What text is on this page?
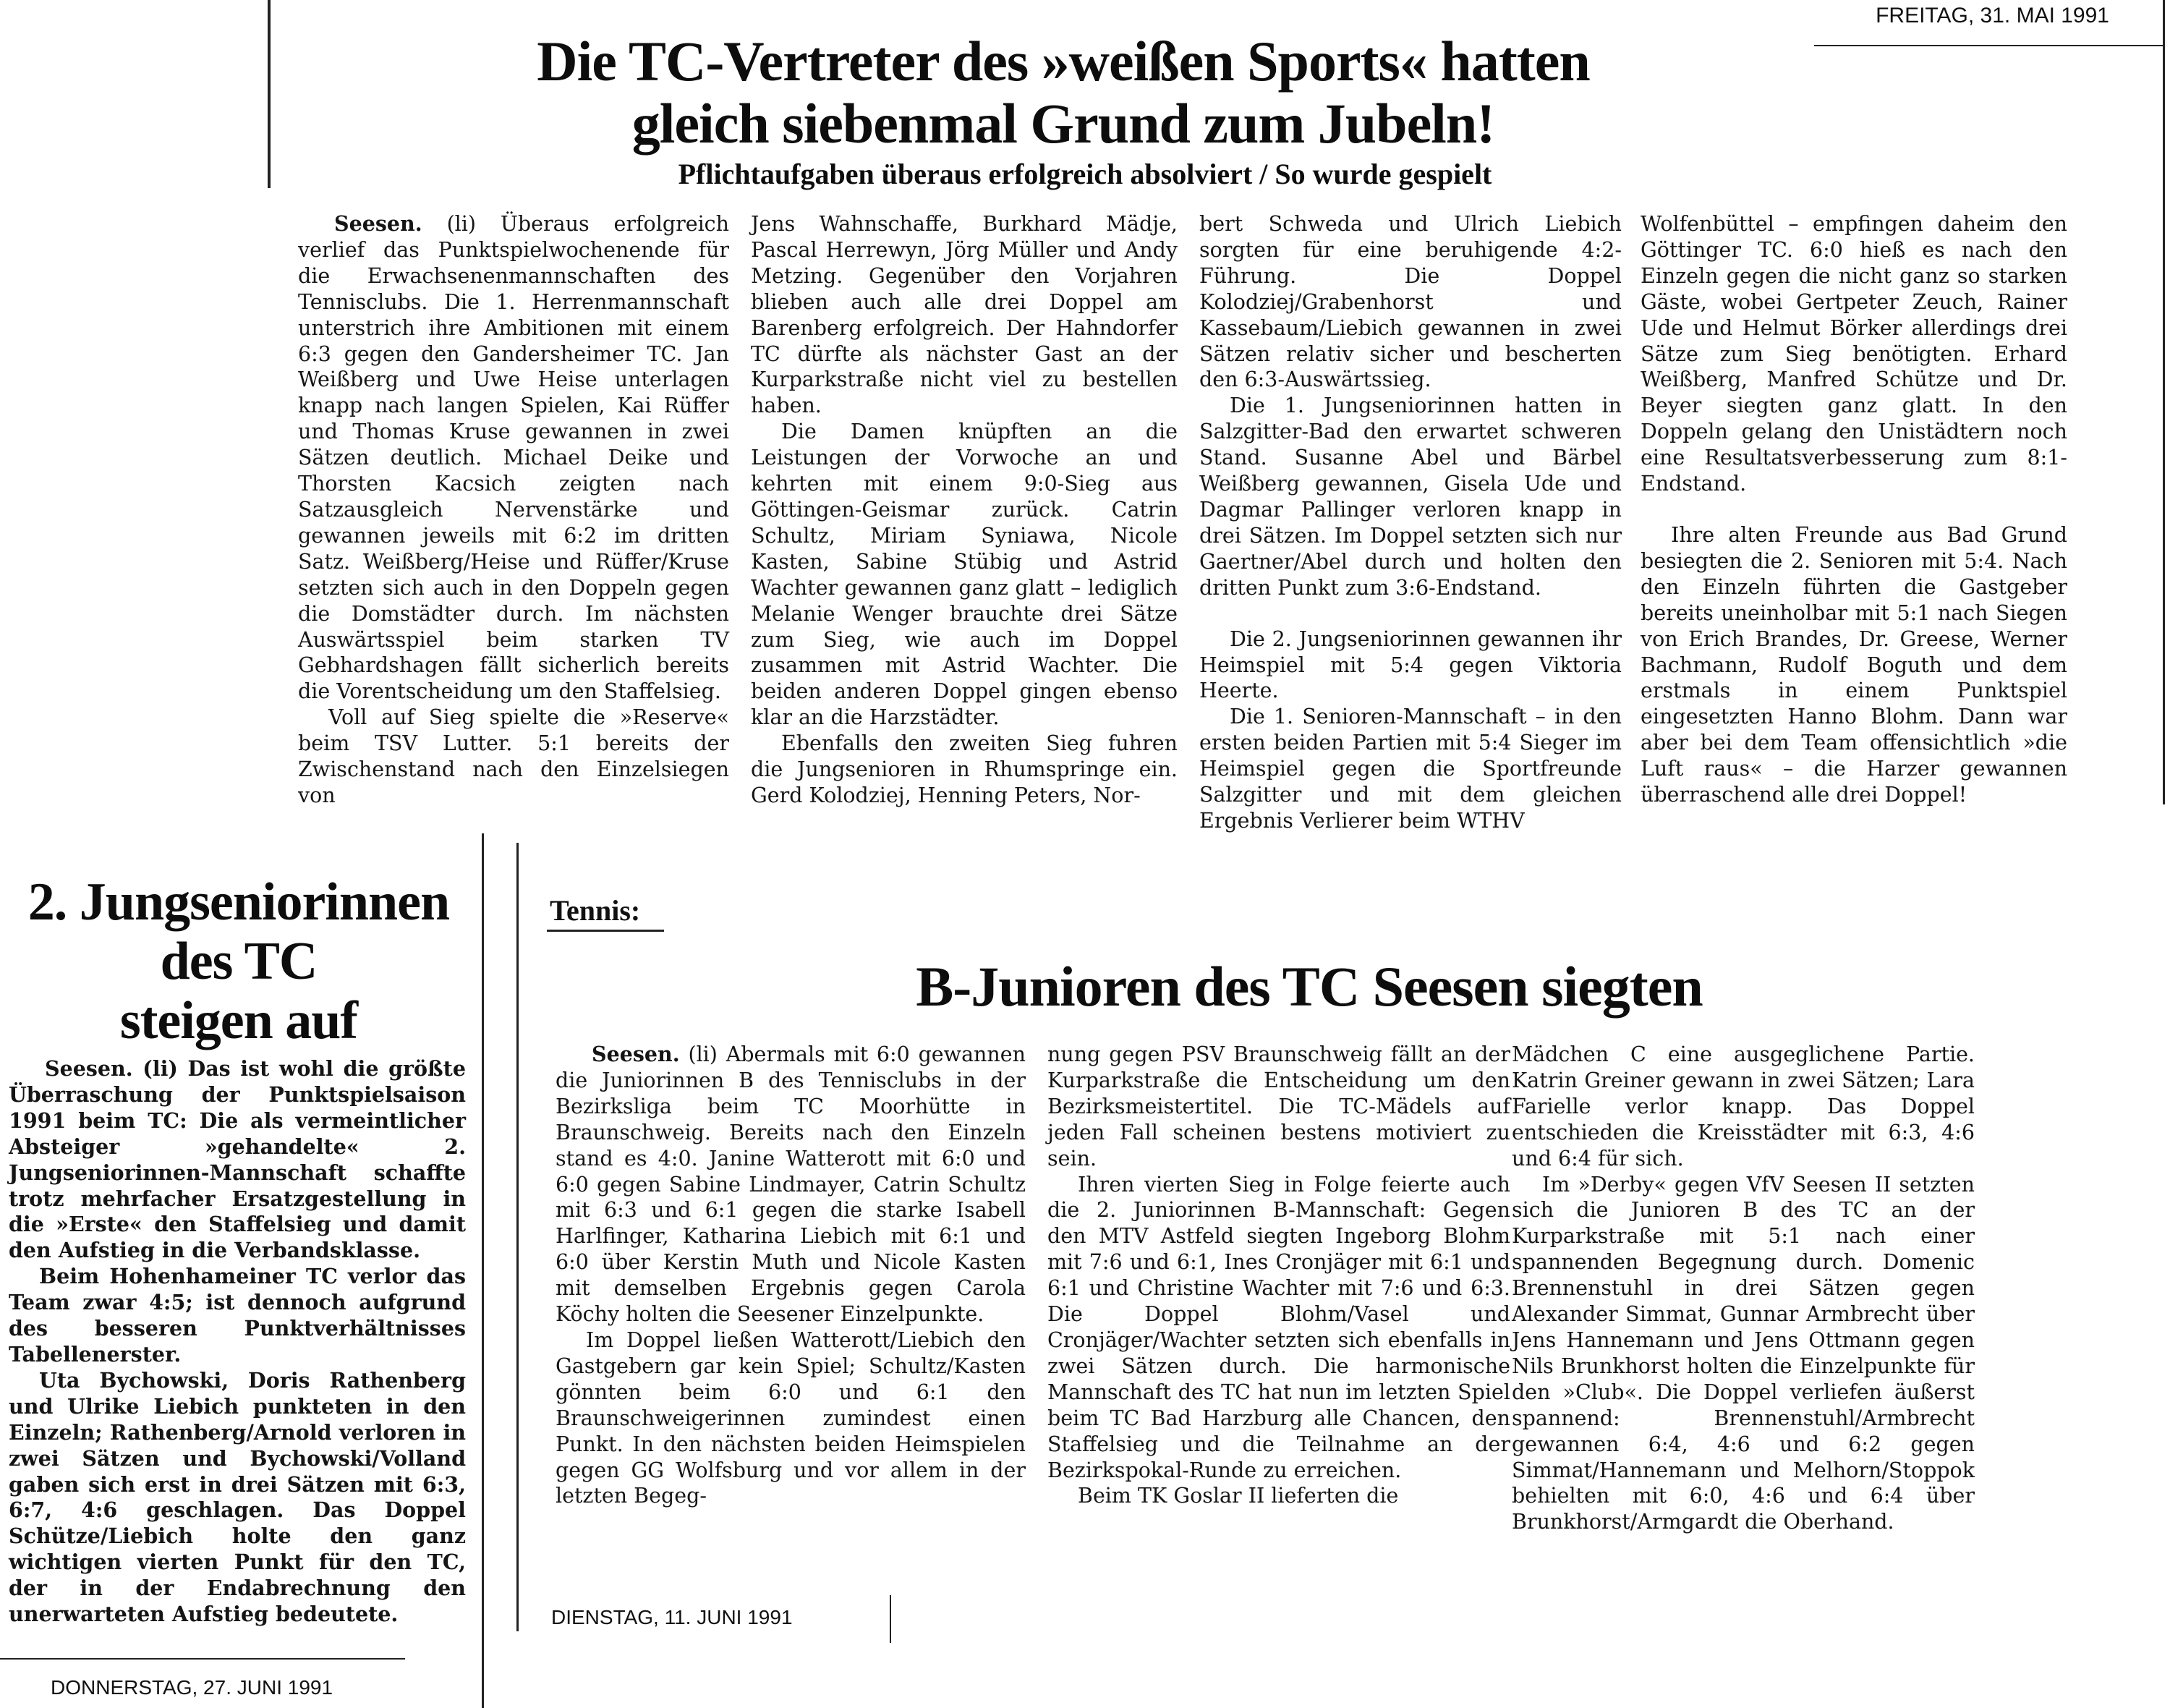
FREITAG, 31. MAI 1991
Die TC-Vertreter des »weißen Sports« hatten
gleich siebenmal Grund zum Jubeln!
Pflichtaufgaben überaus erfolgreich absolviert / So wurde gespielt

Seesen. (li) Überaus erfolgreich verlief das Punktspielwochenende für die Erwachsenenmannschaften des Tennisclubs. Die 1. Herrenmannschaft unterstrich ihre Ambitionen mit einem 6:3 gegen den Gandersheimer TC. Jan Weißberg und Uwe Heise unterlagen knapp nach langen Spielen, Kai Rüffer und Thomas Kruse gewannen in zwei Sätzen deutlich. Michael Deike und Thorsten Kacsich zeigten nach Satzausgleich Nervenstärke und gewannen jeweils mit 6:2 im dritten Satz. Weißberg/Heise und Rüffer/Kruse setzten sich auch in den Doppeln gegen die Domstädter durch. Im nächsten Auswärtsspiel beim starken TV Gebhardshagen fällt sicherlich bereits die Vorentscheidung um den Staffelsieg.

Voll auf Sieg spielte die »Reserve« beim TSV Lutter. 5:1 bereits der Zwischenstand nach den Einzelsiegen von

Jens Wahnschaffe, Burkhard Mädje, Pascal Herrewyn, Jörg Müller und Andy Metzing. Gegenüber den Vorjahren blieben auch alle drei Doppel am Barenberg erfolgreich. Der Hahndorfer TC dürfte als nächster Gast an der Kurparkstraße nicht viel zu bestellen haben.

Die Damen knüpften an die Leistungen der Vorwoche an und kehrten mit einem 9:0-Sieg aus Göttingen-Geismar zurück. Catrin Schultz, Miriam Syniawa, Nicole Kasten, Sabine Stübig und Astrid Wachter gewannen ganz glatt – lediglich Melanie Wenger brauchte drei Sätze zum Sieg, wie auch im Doppel zusammen mit Astrid Wachter. Die beiden anderen Doppel gingen ebenso klar an die Harzstädter.

Ebenfalls den zweiten Sieg fuhren die Jungsenioren in Rhumspringe ein. Gerd Kolodziej, Henning Peters, Nor-

bert Schweda und Ulrich Liebich sorgten für eine beruhigende 4:2-Führung. Die Doppel Kolodziej/Grabenhorst und Kassebaum/Liebich gewannen in zwei Sätzen relativ sicher und bescherten den 6:3-Auswärtssieg.

Die 1. Jungseniorinnen hatten in Salzgitter-Bad den erwartet schweren Stand. Susanne Abel und Bärbel Weißberg gewannen, Gisela Ude und Dagmar Pallinger verloren knapp in drei Sätzen. Im Doppel setzten sich nur Gaertner/Abel durch und holten den dritten Punkt zum 3:6-Endstand.

Die 2. Jungseniorinnen gewannen ihr Heimspiel mit 5:4 gegen Viktoria Heerte.

Die 1. Senioren-Mannschaft – in den ersten beiden Partien mit 5:4 Sieger im Heimspiel gegen die Sportfreunde Salzgitter und mit dem gleichen Ergebnis Verlierer beim WTHV

Wolfenbüttel – empfingen daheim den Göttinger TC. 6:0 hieß es nach den Einzeln gegen die nicht ganz so starken Gäste, wobei Gertpeter Zeuch, Rainer Ude und Helmut Börker allerdings drei Sätze zum Sieg benötigten. Erhard Weißberg, Manfred Schütze und Dr. Beyer siegten ganz glatt. In den Doppeln gelang den Unistädtern noch eine Resultatsverbesserung zum 8:1-Endstand.

Ihre alten Freunde aus Bad Grund besiegten die 2. Senioren mit 5:4. Nach den Einzeln führten die Gastgeber bereits uneinholbar mit 5:1 nach Siegen von Erich Brandes, Dr. Greese, Werner Bachmann, Rudolf Boguth und dem erstmals in einem Punktspiel eingesetzten Hanno Blohm. Dann war aber bei dem Team offensichtlich »die Luft raus« – die Harzer gewannen überraschend alle drei Doppel!

2. Jungseniorinnen
des TC
steigen auf

Seesen. (li) Das ist wohl die größte Überraschung der Punktspielsaison 1991 beim TC: Die als vermeintlicher Absteiger »gehandelte« 2. Jungseniorinnen-Mannschaft schaffte trotz mehrfacher Ersatzgestellung in die »Erste« den Staffelsieg und damit den Aufstieg in die Verbandsklasse.

Beim Hohenhameiner TC verlor das Team zwar 4:5; ist dennoch aufgrund des besseren Punktverhältnisses Tabellenerster.

Uta Bychowski, Doris Rathenberg und Ulrike Liebich punkteten in den Einzeln; Rathenberg/Arnold verloren in zwei Sätzen und Bychowski/Volland gaben sich erst in drei Sätzen mit 6:3, 6:7, 4:6 geschlagen. Das Doppel Schütze/Liebich holte den ganz wichtigen vierten Punkt für den TC, der in der Endabrechnung den unerwarteten Aufstieg bedeutete.

DONNERSTAG, 27. JUNI 1991
Tennis:
B-Junioren des TC Seesen siegten

Seesen. (li) Abermals mit 6:0 gewannen die Juniorinnen B des Tennisclubs in der Bezirksliga beim TC Moorhütte in Braunschweig. Bereits nach den Einzeln stand es 4:0. Janine Watterott mit 6:0 und 6:0 gegen Sabine Lindmayer, Catrin Schultz mit 6:3 und 6:1 gegen die starke Isabell Harlfinger, Katharina Liebich mit 6:1 und 6:0 über Kerstin Muth und Nicole Kasten mit demselben Ergebnis gegen Carola Köchy holten die Seesener Einzelpunkte.

Im Doppel ließen Watterott/Liebich den Gastgebern gar kein Spiel; Schultz/Kasten gönnten beim 6:0 und 6:1 den Braunschweigerinnen zumindest einen Punkt. In den nächsten beiden Heimspielen gegen GG Wolfsburg und vor allem in der letzten Begeg-

nung gegen PSV Braunschweig fällt an der Kurparkstraße die Entscheidung um den Bezirksmeistertitel. Die TC-Mädels auf jeden Fall scheinen bestens motiviert zu sein.

Ihren vierten Sieg in Folge feierte auch die 2. Juniorinnen B-Mannschaft: Gegen den MTV Astfeld siegten Ingeborg Blohm mit 7:6 und 6:1, Ines Cronjäger mit 6:1 und 6:1 und Christine Wachter mit 7:6 und 6:3. Die Doppel Blohm/Vasel und Cronjäger/Wachter setzten sich ebenfalls in zwei Sätzen durch. Die harmonische Mannschaft des TC hat nun im letzten Spiel beim TC Bad Harzburg alle Chancen, den Staffelsieg und die Teilnahme an der Bezirkspokal-Runde zu erreichen.

Beim TK Goslar II lieferten die

Mädchen C eine ausgeglichene Partie. Katrin Greiner gewann in zwei Sätzen; Lara Farielle verlor knapp. Das Doppel entschieden die Kreisstädter mit 6:3, 4:6 und 6:4 für sich.

Im »Derby« gegen VfV Seesen II setzten sich die Junioren B des TC an der Kurparkstraße mit 5:1 nach einer spannenden Begegnung durch. Domenic Brennenstuhl in drei Sätzen gegen Alexander Simmat, Gunnar Armbrecht über Jens Hannemann und Jens Ottmann gegen Nils Brunkhorst holten die Einzelpunkte für den »Club«. Die Doppel verliefen äußerst spannend: Brennenstuhl/Armbrecht gewannen 6:4, 4:6 und 6:2 gegen Simmat/Hannemann und Melhorn/Stoppok behielten mit 6:0, 4:6 und 6:4 über Brunkhorst/Armgardt die Oberhand.

DIENSTAG, 11. JUNI 1991
